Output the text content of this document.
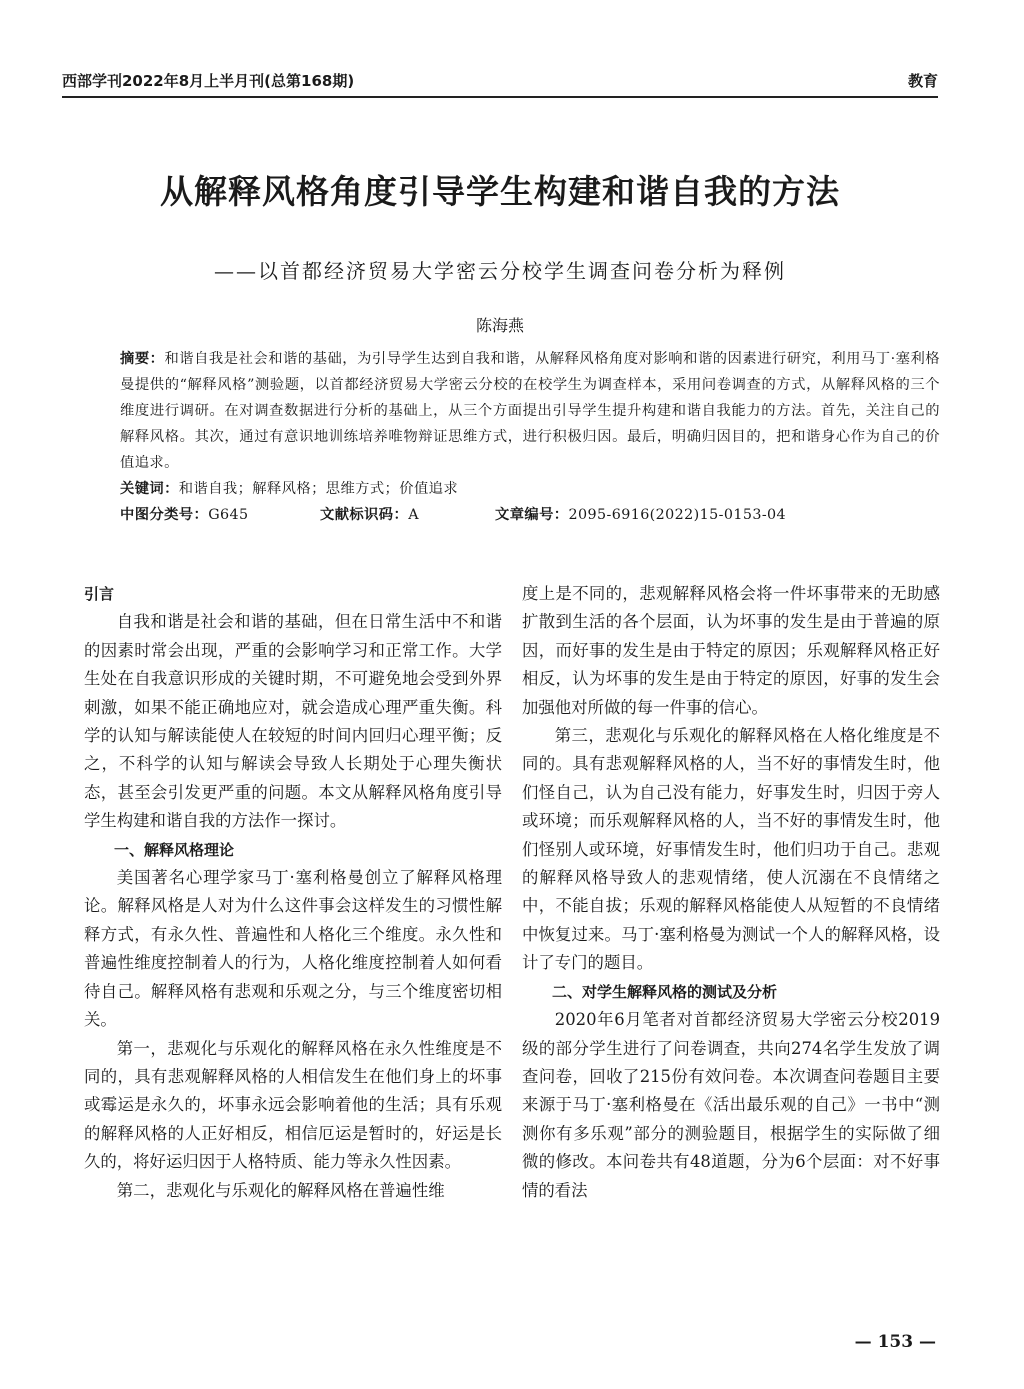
西部学刊2022年8月上半月刊(总第168期)	教育
从解释风格角度引导学生构建和谐自我的方法
——以首都经济贸易大学密云分校学生调查问卷分析为释例
陈海燕

摘要：和谐自我是社会和谐的基础，为引导学生达到自我和谐，从解释风格角度对影响和谐的因素进行研究，利用马丁·塞利格曼提供的“解释风格”测验题，以首都经济贸易大学密云分校的在校学生为调查样本，采用问卷调查的方式，从解释风格的三个维度进行调研。在对调查数据进行分析的基础上，从三个方面提出引导学生提升构建和谐自我能力的方法。首先，关注自己的解释风格。其次，通过有意识地训练培养唯物辩证思维方式，进行积极归因。最后，明确归因目的，把和谐身心作为自己的价值追求。

关键词：和谐自我；解释风格；思维方式；价值追求

中图分类号：G645	文献标识码：A	文章编号：2095-6916(2022)15-0153-04

引言

自我和谐是社会和谐的基础，但在日常生活中不和谐的因素时常会出现，严重的会影响学习和正常工作。大学生处在自我意识形成的关键时期，不可避免地会受到外界刺激，如果不能正确地应对，就会造成心理严重失衡。科学的认知与解读能使人在较短的时间内回归心理平衡；反之，不科学的认知与解读会导致人长期处于心理失衡状态，甚至会引发更严重的问题。本文从解释风格角度引导学生构建和谐自我的方法作一探讨。

一、解释风格理论

美国著名心理学家马丁·塞利格曼创立了解释风格理论。解释风格是人对为什么这件事会这样发生的习惯性解释方式，有永久性、普遍性和人格化三个维度。永久性和普遍性维度控制着人的行为，人格化维度控制着人如何看待自己。解释风格有悲观和乐观之分，与三个维度密切相关。

第一，悲观化与乐观化的解释风格在永久性维度是不同的，具有悲观解释风格的人相信发生在他们身上的坏事或霉运是永久的，坏事永远会影响着他的生活；具有乐观的解释风格的人正好相反，相信厄运是暂时的，好运是长久的，将好运归因于人格特质、能力等永久性因素。

第二，悲观化与乐观化的解释风格在普遍性维

度上是不同的，悲观解释风格会将一件坏事带来的无助感扩散到生活的各个层面，认为坏事的发生是由于普遍的原因，而好事的发生是由于特定的原因；乐观解释风格正好相反，认为坏事的发生是由于特定的原因，好事的发生会加强他对所做的每一件事的信心。

第三，悲观化与乐观化的解释风格在人格化维度是不同的。具有悲观解释风格的人，当不好的事情发生时，他们怪自己，认为自己没有能力，好事发生时，归因于旁人或环境；而乐观解释风格的人，当不好的事情发生时，他们怪别人或环境，好事情发生时，他们归功于自己。悲观的解释风格导致人的悲观情绪，使人沉溺在不良情绪之中，不能自拔；乐观的解释风格能使人从短暂的不良情绪中恢复过来。马丁·塞利格曼为测试一个人的解释风格，设计了专门的题目。

二、对学生解释风格的测试及分析

2020年6月笔者对首都经济贸易大学密云分校2019级的部分学生进行了问卷调查，共向274名学生发放了调查问卷，回收了215份有效问卷。本次调查问卷题目主要来源于马丁·塞利格曼在《活出最乐观的自己》一书中“测测你有多乐观”部分的测验题目，根据学生的实际做了细微的修改。本问卷共有48道题，分为6个层面：对不好事情的看法

— 153 —
